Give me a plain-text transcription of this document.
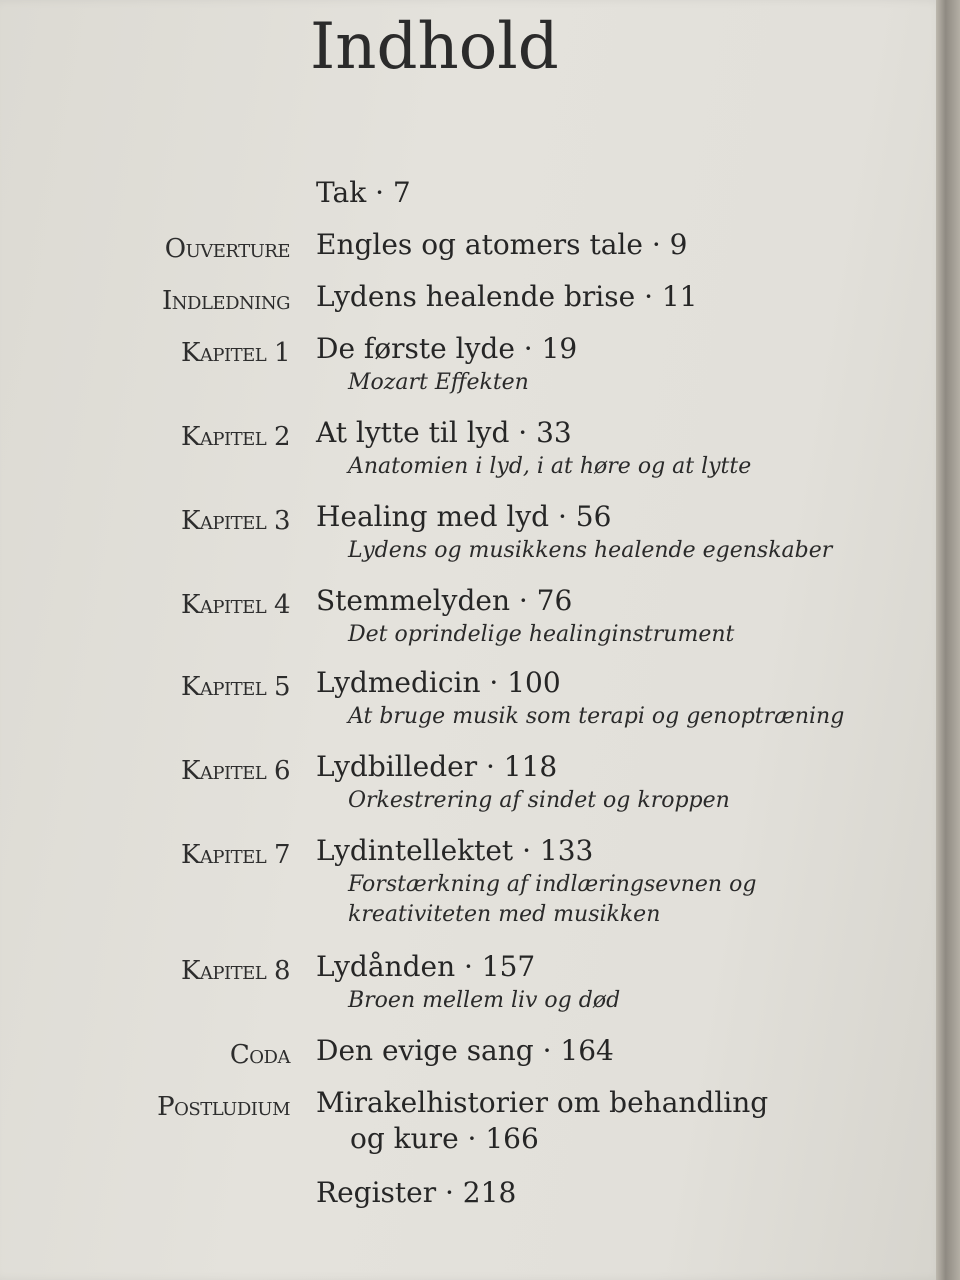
Indhold
Tak · 7
Ouverture Engles og atomers tale · 9
Indledning Lydens healende brise · 11
Kapitel 1 De første lyde · 19
Mozart Effekten
Kapitel 2 At lytte til lyd · 33
Anatomien i lyd, i at høre og at lytte
Kapitel 3 Healing med lyd · 56
Lydens og musikkens healende egenskaber
Kapitel 4 Stemmelyden · 76
Det oprindelige healinginstrument
Kapitel 5 Lydmedicin · 100
At bruge musik som terapi og genoptræning
Kapitel 6 Lydbilleder · 118
Orkestrering af sindet og kroppen
Kapitel 7 Lydintellektet · 133
Forstærkning af indlæringsevnen og
kreativiteten med musikken
Kapitel 8 Lydånden · 157
Broen mellem liv og død
Coda Den evige sang · 164
Postludium Mirakelhistorier om behandling
og kure · 166
Register · 218
